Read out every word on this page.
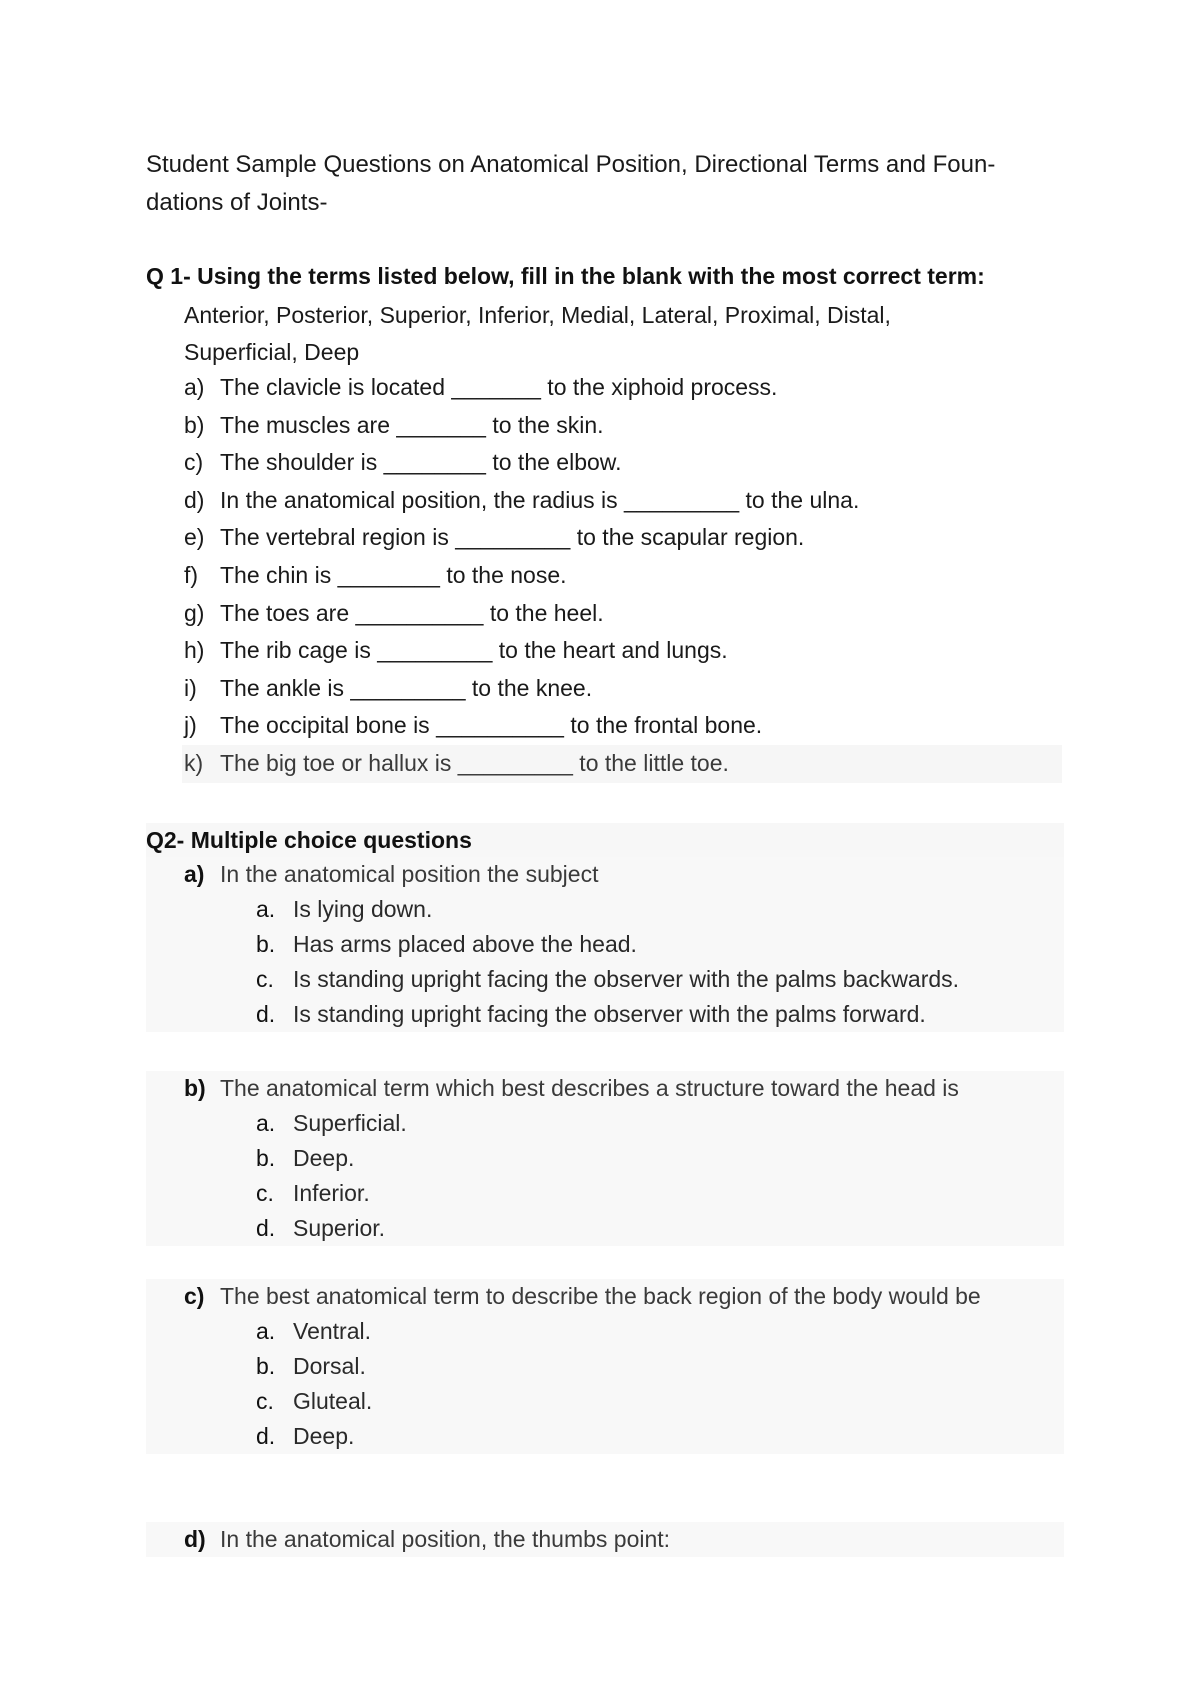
Student Sample Questions on Anatomical Position, Directional Terms and Foun-
dations of Joints-
Q 1- Using the terms listed below, fill in the blank with the most correct term:
Anterior, Posterior, Superior, Inferior, Medial, Lateral, Proximal, Distal,
Superficial, Deep
a) The clavicle is located _______ to the xiphoid process.
b) The muscles are _______ to the skin.
c) The shoulder is ________ to the elbow.
d) In the anatomical position, the radius is _________ to the ulna.
e) The vertebral region is _________ to the scapular region.
f) The chin is ________ to the nose.
g) The toes are __________ to the heel.
h) The rib cage is _________ to the heart and lungs.
i) The ankle is _________ to the knee.
j) The occipital bone is __________ to the frontal bone.
k) The big toe or hallux is _________ to the little toe.
Q2- Multiple choice questions
a) In the anatomical position the subject
a. Is lying down.
b. Has arms placed above the head.
c. Is standing upright facing the observer with the palms backwards.
d. Is standing upright facing the observer with the palms forward.
b) The anatomical term which best describes a structure toward the head is
a. Superficial.
b. Deep.
c. Inferior.
d. Superior.
c) The best anatomical term to describe the back region of the body would be
a. Ventral.
b. Dorsal.
c. Gluteal.
d. Deep.
d) In the anatomical position, the thumbs point:
